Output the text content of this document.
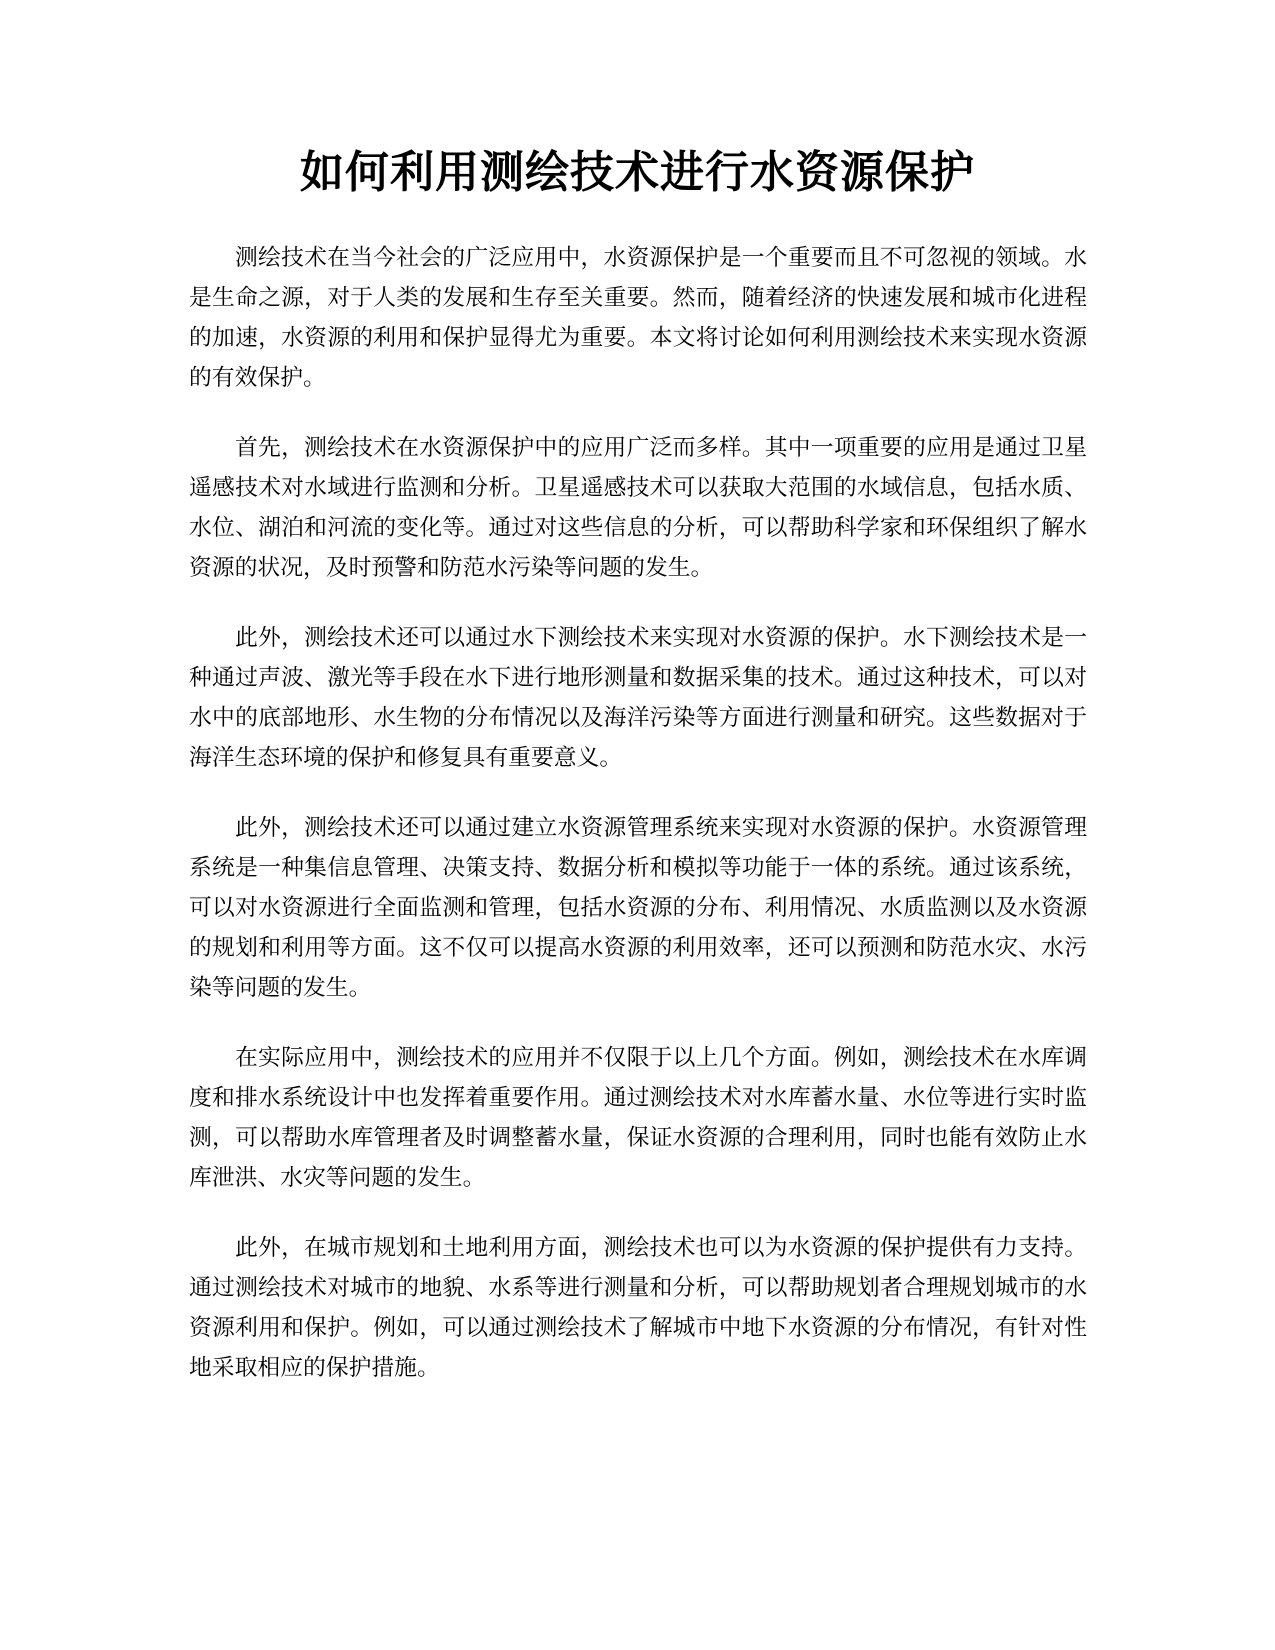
如何利用测绘技术进行水资源保护

测绘技术在当今社会的广泛应用中，水资源保护是一个重要而且不可忽视的领域。水是生命之源，对于人类的发展和生存至关重要。然而，随着经济的快速发展和城市化进程的加速，水资源的利用和保护显得尤为重要。本文将讨论如何利用测绘技术来实现水资源的有效保护。

首先，测绘技术在水资源保护中的应用广泛而多样。其中一项重要的应用是通过卫星遥感技术对水域进行监测和分析。卫星遥感技术可以获取大范围的水域信息，包括水质、水位、湖泊和河流的变化等。通过对这些信息的分析，可以帮助科学家和环保组织了解水资源的状况，及时预警和防范水污染等问题的发生。

此外，测绘技术还可以通过水下测绘技术来实现对水资源的保护。水下测绘技术是一种通过声波、激光等手段在水下进行地形测量和数据采集的技术。通过这种技术，可以对水中的底部地形、水生物的分布情况以及海洋污染等方面进行测量和研究。这些数据对于海洋生态环境的保护和修复具有重要意义。

此外，测绘技术还可以通过建立水资源管理系统来实现对水资源的保护。水资源管理系统是一种集信息管理、决策支持、数据分析和模拟等功能于一体的系统。通过该系统，可以对水资源进行全面监测和管理，包括水资源的分布、利用情况、水质监测以及水资源的规划和利用等方面。这不仅可以提高水资源的利用效率，还可以预测和防范水灾、水污染等问题的发生。

在实际应用中，测绘技术的应用并不仅限于以上几个方面。例如，测绘技术在水库调度和排水系统设计中也发挥着重要作用。通过测绘技术对水库蓄水量、水位等进行实时监测，可以帮助水库管理者及时调整蓄水量，保证水资源的合理利用，同时也能有效防止水库泄洪、水灾等问题的发生。

此外，在城市规划和土地利用方面，测绘技术也可以为水资源的保护提供有力支持。通过测绘技术对城市的地貌、水系等进行测量和分析，可以帮助规划者合理规划城市的水资源利用和保护。例如，可以通过测绘技术了解城市中地下水资源的分布情况，有针对性地采取相应的保护措施。
